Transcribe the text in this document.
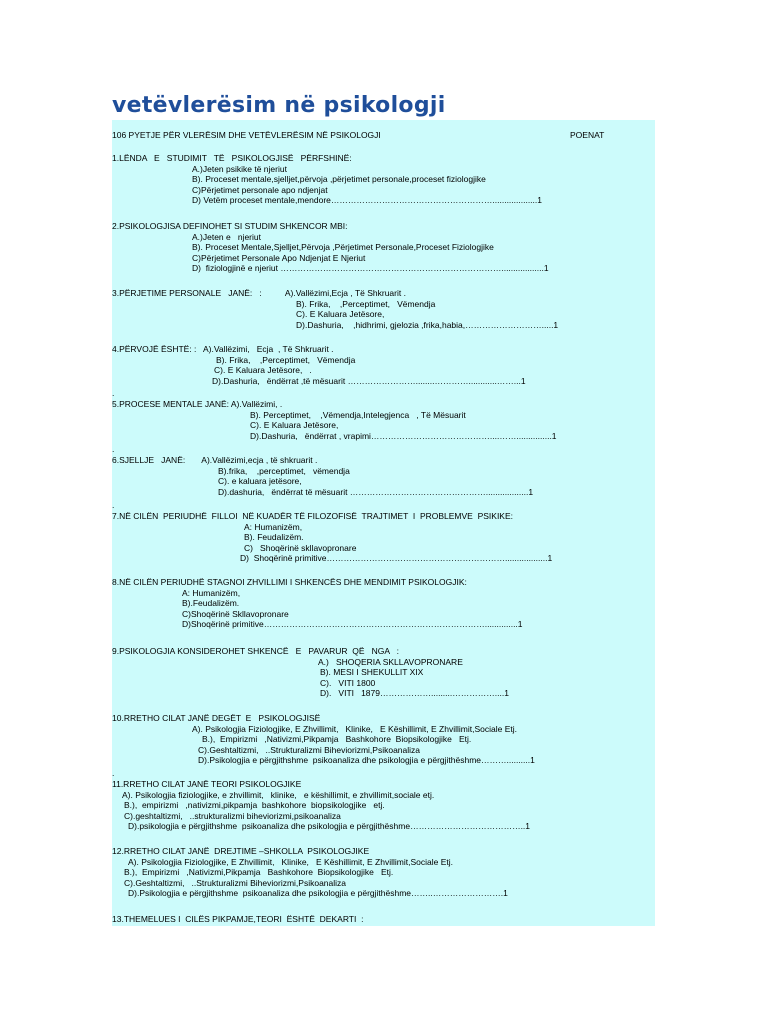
vetëvlerësim në psikologji
106 PYETJE PËR VLERËSIM DHE VETËVLERËSIM NË PSIKOLOGJI	POENAT
1.LËNDA   E   STUDIMIT   TË   PSIKOLOGJISË   PËRFSHINË:
A.)Jeten psikike të njeriut
B). Proceset mentale,sjelljet,përvoja ,përjetimet personale,proceset fiziologjike
C)Përjetimet personale apo ndjenjat
D) Vetëm proceset mentale,mendore…………………………………………………...................1
2.PSIKOLOGJISA DEFINOHET SI STUDIM SHKENCOR MBI:
A.)Jeten e   njeriut
B). Proceset Mentale,Sjelljet,Përvoja ,Përjetimet Personale,Proceset Fiziologjike
C)Përjetimet Personale Apo Ndjenjat E Njeriut
D)  fiziologjinë e njeriut ……………………………………………………………………..................1
3.PËRJETIME PERSONALE   JANË:   :          A).Vallëzimi,Ecja , Të Shkruarit .
B). Frika,    ,Perceptimet,   Vëmendja
C). E Kaluara Jetësore,
D).Dashuria,    ,hidhrimi, gjelozia ,frika,habia,……………………….....1
4.PËRVOJË ËSHTË: :   A).Vallëzimi,   Ecja  , Të Shkruarit .
B). Frika,    ,Perceptimet,   Vëmendja
C). E Kaluara Jetësore,   .
D).Dashuria,   ëndërrat ,të mësuarit ……………………........…………............……...1
.
5.PROCESE MENTALE JANË: A).Vallëzimi, .
B). Perceptimet,    ,Vëmendja,Intelegjenca   , Të Mësuarit
C). E Kaluara Jetësore,
D).Dashuria,   ëndërrat , vrapimi……………………………………....……...............1
.
6.SJELLJE   JANË:       A).Vallëzimi,ecja , të shkruarit .
B).frika,    ,perceptimet,   vëmendja
C). e kaluara jetësore,
D).dashuria,   ëndërrat të mësuarit …………………………………………..................1
.
7.NË CILËN  PERIUDHË  FILLOI  NË KUADËR TË FILOZOFISË  TRAJTIMET  I  PROBLEMVE  PSIKIKE:
A: Humanizëm,
B). Feudalizëm.
C)   Shoqërinë skllavopronare
D)  Shoqërinë primitive………………………………………………………..................1
8.NË CILËN PERIUDHË STAGNOI ZHVILLIMI I SHKENCËS DHE MENDIMIT PSIKOLOGJIK:
A: Humanizëm,
B).Feudalizëm.
C)Shoqërinë Skllavopronare
D)Shoqërinë primitive……………………………………………………………………..............1
9.PSIKOLOGJIA KONSIDEROHET SHKENCË   E   PAVARUR  QË   NGA   :
A.)   SHOQERIA SKLLAVOPRONARE
B). MESI I SHEKULLIT XIX
C).   VITI 1800
D).   VITI   1879……………….........……………....1
10.RRETHO CILAT JANË DEGËT  E   PSIKOLOGJISË
A). Psikologjia Fiziologjike, E Zhvillimit,   Klinike,   E Këshillimit, E Zhvillimit,Sociale Etj.
B.),  Empirizmi   ,Nativizmi,Pikpamja   Bashkohore  Biopsikologjike   Etj.
C).Geshtaltizmi,   ..Strukturalizmi Biheviorizmi,Psikoanaliza
D).Psikologjia e përgjithshme  psikoanaliza dhe psikologjia e përgjithëshme………..........1
.
11.RRETHO CILAT JANË TEORI PSIKOLOGJIKE
A). Psikologjia fiziologjike, e zhvillimit,   klinike,   e këshillimit, e zhvillimit,sociale etj.
B.),  empirizmi   ,nativizmi,pikpamja  bashkohore  biopsikologjike   etj.
C).geshtaltizmi,   ..strukturalizmi biheviorizmi,psikoanaliza
D).psikologjia e përgjithshme  psikoanaliza dhe psikologjia e përgjithëshme…………………………………..1
12.RRETHO CILAT JANË  DREJTIME –SHKOLLA  PSIKOLOGJIKE
A). Psikologjia Fiziologjike, E Zhvillimit,   Klinike,   E Këshillimit, E Zhvillimit,Sociale Etj.
B.),  Empirizmi   ,Nativizmi,Pikpamja   Bashkohore  Biopsikologjike   Etj.
C).Geshtaltizmi,   ..Strukturalizmi Biheviorizmi,Psikoanaliza
D).Psikologjia e përgjithshme  psikoanaliza dhe psikologjia e përgjithëshme……..…………………….1
13.THEMELUES I  CILËS PIKPAMJE,TEORI  ËSHTË  DEKARTI  :
